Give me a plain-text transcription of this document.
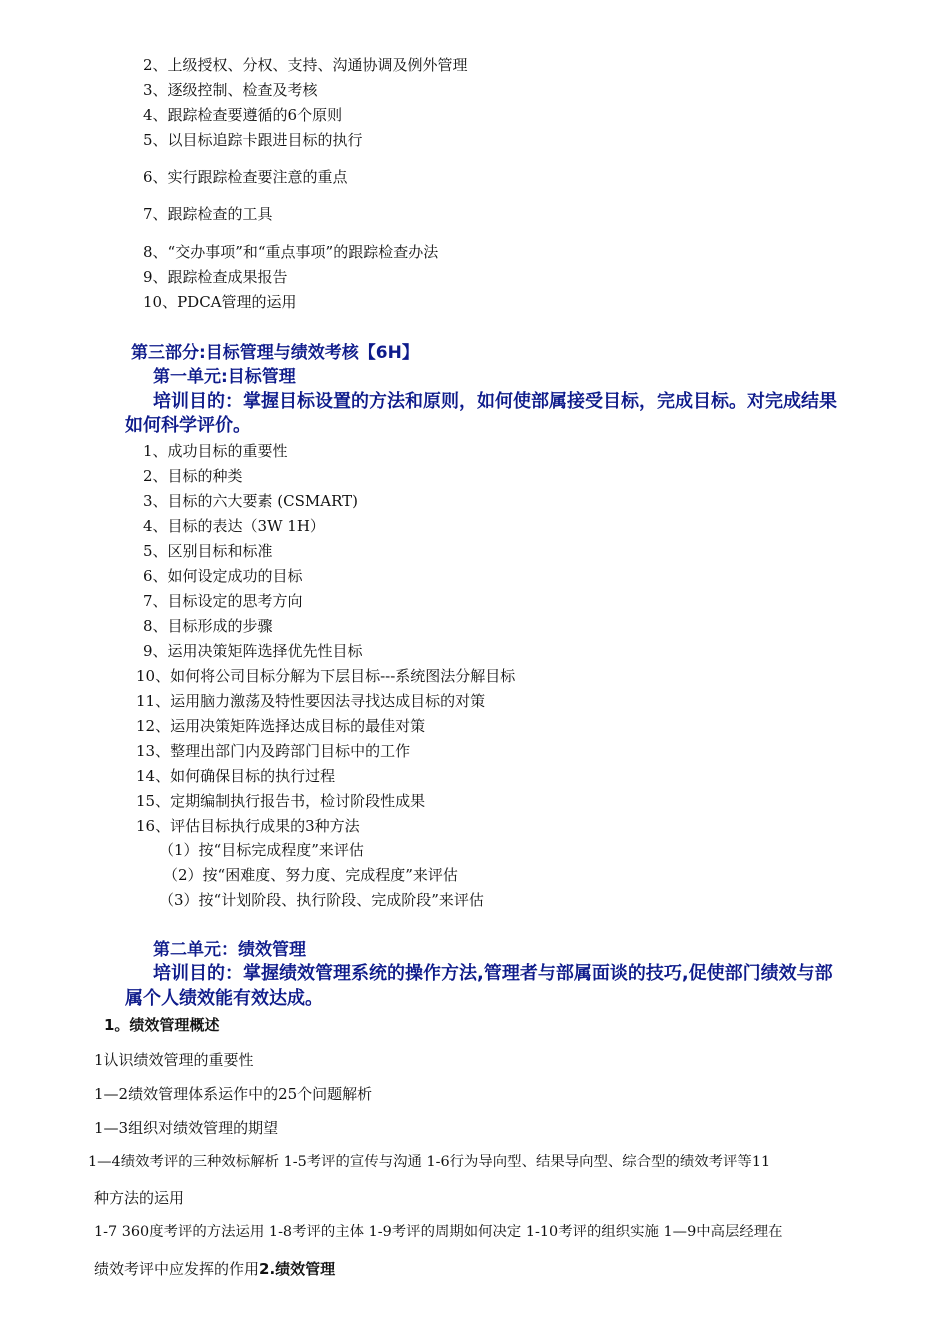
2、上级授权、分权、支持、沟通协调及例外管理
3、逐级控制、检查及考核
4、跟踪检查要遵循的6个原则
5、以目标追踪卡跟进目标的执行
6、实行跟踪检查要注意的重点
7、跟踪检查的工具
8、“交办事项”和“重点事项”的跟踪检查办法
9、跟踪检查成果报告
10、PDCA管理的运用
第三部分:目标管理与绩效考核【6H】
第一单元:目标管理
培训目的：掌握目标设置的方法和原则，如何使部属接受目标，完成目标。对完成结果
如何科学评价。
1、成功目标的重要性
2、目标的种类
3、目标的六大要素 (CSMART)
4、目标的表达（3W 1H）
5、区别目标和标准
6、如何设定成功的目标
7、目标设定的思考方向
8、目标形成的步骤
9、运用决策矩阵选择优先性目标
10、如何将公司目标分解为下层目标---系统图法分解目标
11、运用脑力激荡及特性要因法寻找达成目标的对策
12、运用决策矩阵选择达成目标的最佳对策
13、整理出部门内及跨部门目标中的工作
14、如何确保目标的执行过程
15、定期编制执行报告书，检讨阶段性成果
16、评估目标执行成果的3种方法
（1）按“目标完成程度”来评估
（2）按“困难度、努力度、完成程度”来评估
（3）按“计划阶段、执行阶段、完成阶段”来评估
第二单元：绩效管理
培训目的：掌握绩效管理系统的操作方法,管理者与部属面谈的技巧,促使部门绩效与部
属个人绩效能有效达成。
1。绩效管理概述
1认识绩效管理的重要性
1—2绩效管理体系运作中的25个问题解析
1—3组织对绩效管理的期望
1—4绩效考评的三种效标解析 1-5考评的宣传与沟通 1-6行为导向型、结果导向型、综合型的绩效考评等11
种方法的运用
1-7 360度考评的方法运用 1-8考评的主体 1-9考评的周期如何决定 1-10考评的组织实施 1—9中高层经理在
绩效考评中应发挥的作用2.绩效管理
